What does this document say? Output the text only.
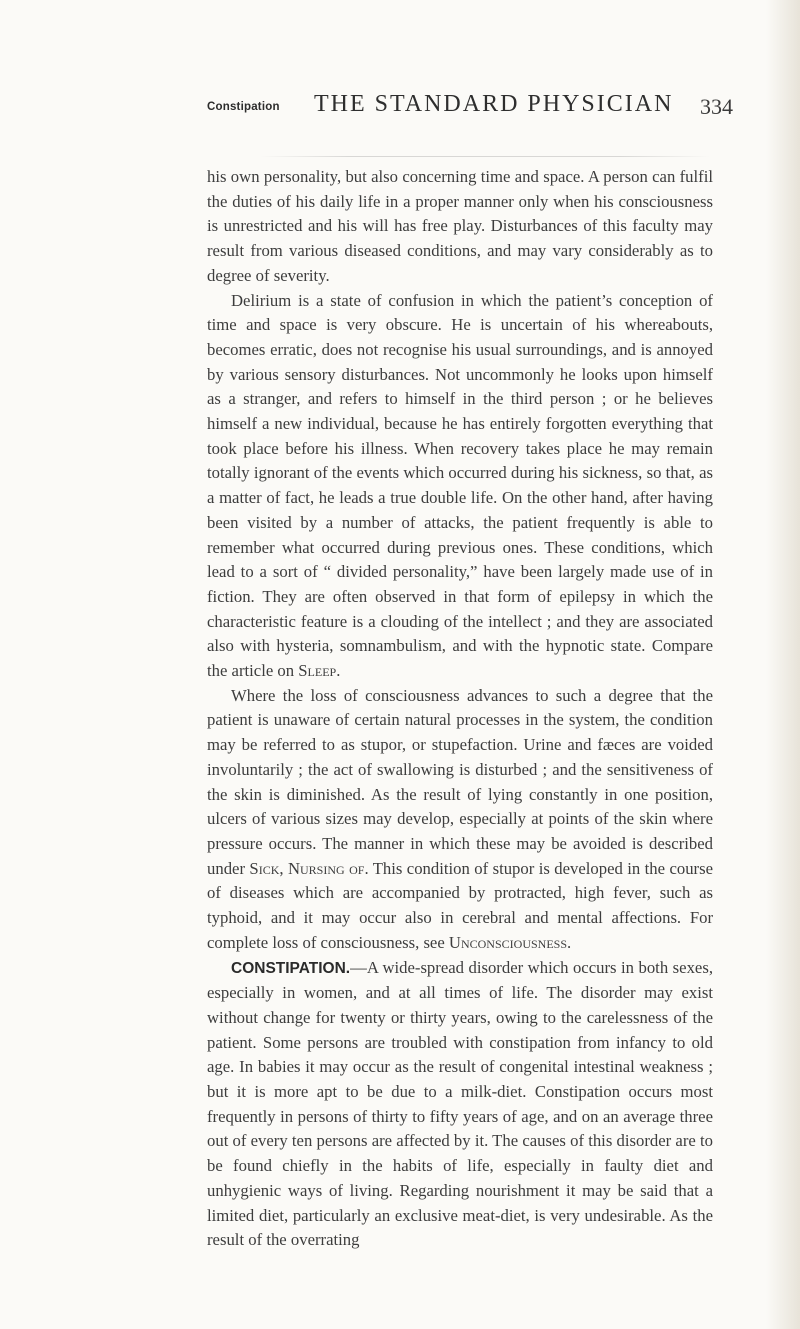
Constipation THE STANDARD PHYSICIAN 334

his own personality, but also concerning time and space. A person can fulfil the duties of his daily life in a proper manner only when his consciousness is unrestricted and his will has free play. Disturbances of this faculty may result from various diseased conditions, and may vary considerably as to degree of severity.

Delirium is a state of confusion in which the patient’s conception of time and space is very obscure. He is uncertain of his whereabouts, becomes erratic, does not recognise his usual surroundings, and is annoyed by various sensory disturbances. Not uncommonly he looks upon himself as a stranger, and refers to himself in the third person ; or he believes himself a new individual, because he has entirely forgotten everything that took place before his illness. When recovery takes place he may remain totally ignorant of the events which occurred during his sickness, so that, as a matter of fact, he leads a true double life. On the other hand, after having been visited by a number of attacks, the patient frequently is able to remember what occurred during previous ones. These conditions, which lead to a sort of “ divided personality,” have been largely made use of in fiction. They are often observed in that form of epilepsy in which the characteristic feature is a clouding of the intellect ; and they are associated also with hysteria, somnambulism, and with the hypnotic state. Compare the article on Sleep.

Where the loss of consciousness advances to such a degree that the patient is unaware of certain natural processes in the system, the condition may be referred to as stupor, or stupefaction. Urine and fæces are voided involuntarily ; the act of swallowing is disturbed ; and the sensitiveness of the skin is diminished. As the result of lying constantly in one position, ulcers of various sizes may develop, especially at points of the skin where pressure occurs. The manner in which these may be avoided is described under Sick, Nursing of. This condition of stupor is developed in the course of diseases which are accompanied by protracted, high fever, such as typhoid, and it may occur also in cerebral and mental affections. For complete loss of consciousness, see Unconsciousness.

CONSTIPATION.—A wide-spread disorder which occurs in both sexes, especially in women, and at all times of life. The disorder may exist without change for twenty or thirty years, owing to the carelessness of the patient. Some persons are troubled with constipation from infancy to old age. In babies it may occur as the result of congenital intestinal weakness ; but it is more apt to be due to a milk-diet. Constipation occurs most frequently in persons of thirty to fifty years of age, and on an average three out of every ten persons are affected by it. The causes of this disorder are to be found chiefly in the habits of life, especially in faulty diet and unhygienic ways of living. Regarding nourishment it may be said that a limited diet, particularly an exclusive meat-diet, is very undesirable. As the result of the overrating
